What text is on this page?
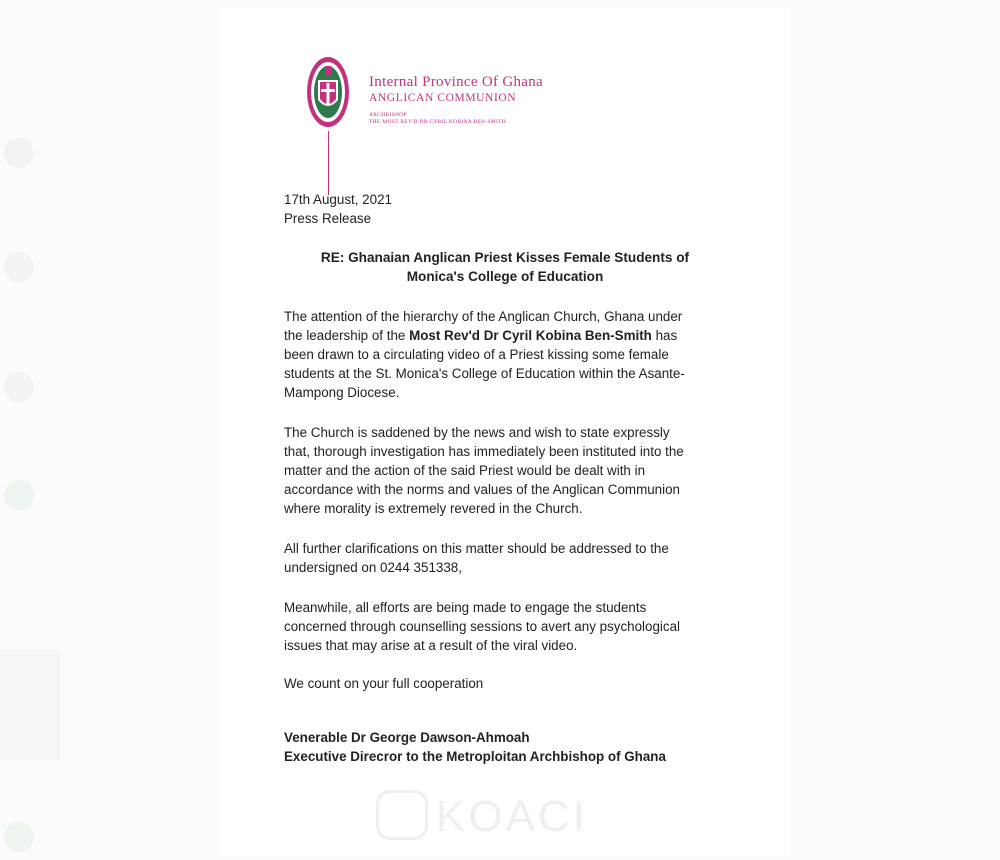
Internal Province Of Ghana
ANGLICAN COMMUNION
ARCHBISHOP
THE MOST REV'D DR CYRIL KOBINA BEN-SMITH
17th August, 2021
Press Release
RE: Ghanaian Anglican Priest Kisses Female Students of
Monica's College of Education
The attention of the hierarchy of the Anglican Church, Ghana under
the leadership of the Most Rev'd Dr Cyril Kobina Ben-Smith has
been drawn to a circulating video of a Priest kissing some female
students at the St. Monica's College of Education within the Asante-
Mampong Diocese.
The Church is saddened by the news and wish to state expressly
that, thorough investigation has immediately been instituted into the
matter and the action of the said Priest would be dealt with in
accordance with the norms and values of the Anglican Communion
where morality is extremely revered in the Church.
All further clarifications on this matter should be addressed to the
undersigned on 0244 351338,
Meanwhile, all efforts are being made to engage the students
concerned through counselling sessions to avert any psychological
issues that may arise at a result of the viral video.
We count on your full cooperation
Venerable Dr George Dawson-Ahmoah
Executive Direcror to the Metroploitan Archbishop of Ghana
KOACI
